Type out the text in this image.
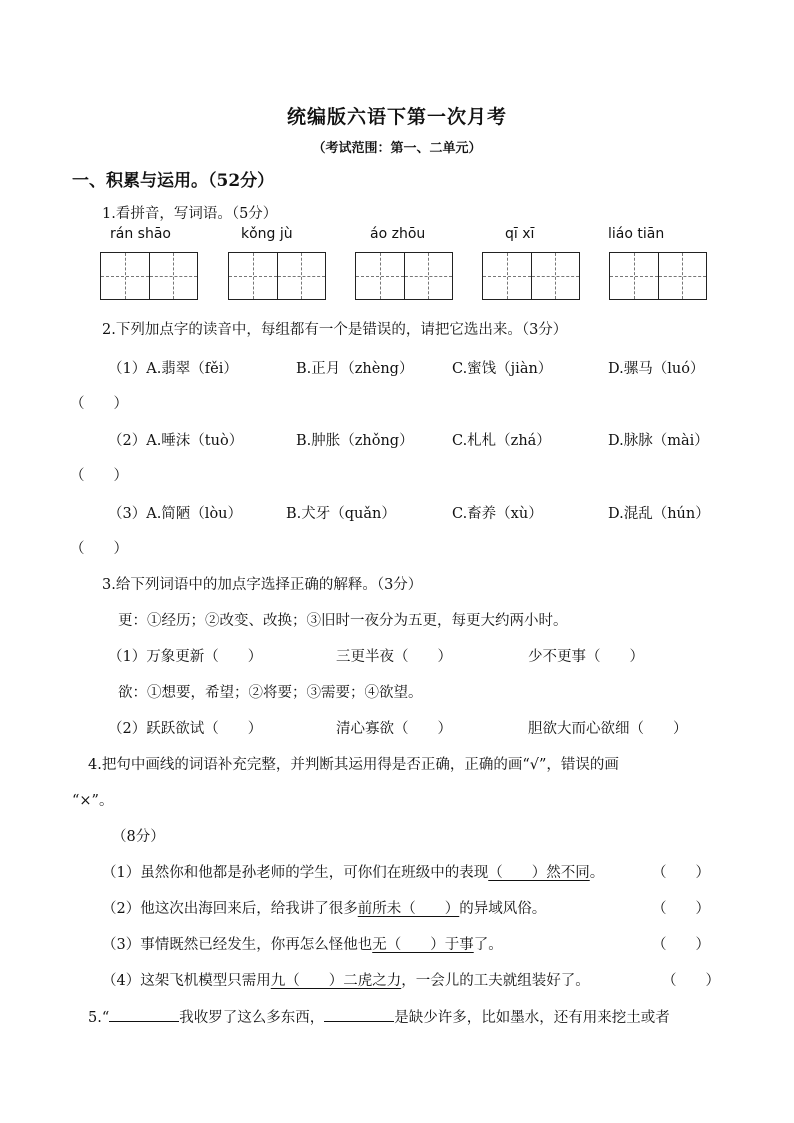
统编版六语下第一次月考
（考试范围：第一、二单元）
一、积累与运用。（52分）
1.看拼音，写词语。（5分）
rán shāo	kǒng jù	áo zhōu	qī xī	liáo tiān
2.下列加点字的读音中，每组都有一个是错误的，请把它选出来。（3分）
（1）A.翡翠（fěi）	B.正月（zhèng）	C.蜜饯（jiàn）	D.骡马（luó）
（　　）
（2）A.唾沫（tuò）	B.肿胀（zhǒng）	C.札札（zhá）	D.脉脉（mài）
（　　）
（3）A.简陋（lòu）	B.犬牙（quǎn）	C.畜养（xù）	D.混乱（hún）
（　　）
3.给下列词语中的加点字选择正确的解释。（3分）
更：①经历；②改变、改换；③旧时一夜分为五更，每更大约两小时。
（1）万象更新（　　）	三更半夜（　　）	少不更事（　　）
欲：①想要，希望；②将要；③需要；④欲望。
（2）跃跃欲试（　　）	清心寡欲（　　）	胆欲大而心欲细（　　）
4.把句中画线的词语补充完整，并判断其运用得是否正确，正确的画“√”，错误的画
“×”。
（8分）
（1）虽然你和他都是孙老师的学生，可你们在班级中的表现（　　）然不同。	（　　）
（2）他这次出海回来后，给我讲了很多前所未（　　）的异域风俗。	（　　）
（3）事情既然已经发生，你再怎么怪他也无（　　）于事了。	（　　）
（4）这架飞机模型只需用九（　　）二虎之力，一会儿的工夫就组装好了。	（　　）
5.“	我收罗了这么多东西，	是缺少许多，比如墨水，还有用来挖土或者
